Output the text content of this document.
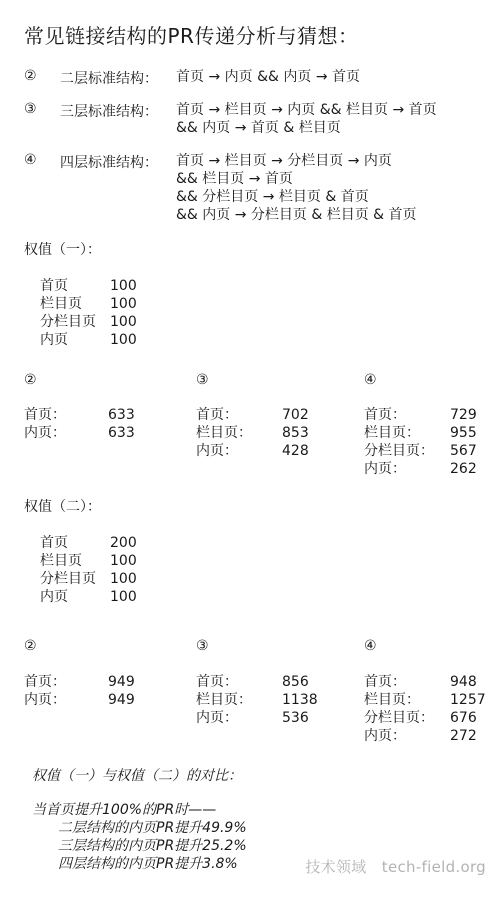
常见链接结构的PR传递分析与猜想：
② 二层标准结构： 首页 → 内页 && 内页 → 首页
③ 三层标准结构： 首页 → 栏目页 → 内页 && 栏目页 → 首页
&& 内页 → 首页 & 栏目页
④ 四层标准结构： 首页 → 栏目页 → 分栏目页 → 内页
&& 栏目页 → 首页
&& 分栏目页 → 栏目页 & 首页
&& 内页 → 分栏目页 & 栏目页 & 首页
权值（一）：
首页	100
栏目页 100
分栏目页 100
内页	100
②	③	④
首页：	633
内页：	633
首页：	702
栏目页： 853
内页：	428
首页：	729
栏目页： 955
分栏目页： 567
内页：	262
权值（二）：
首页	200
栏目页 100
分栏目页 100
内页	100
②	③	④
首页：	949
内页：	949
首页：	856
栏目页： 1138
内页：	536
首页：	948
栏目页： 1257
分栏目页： 676
内页：	272
权值（一）与权值（二）的对比：
当首页提升100%的PR时——
二层结构的内页PR提升49.9%
三层结构的内页PR提升25.2%
四层结构的内页PR提升3.8%	技术领域   tech-field.org
